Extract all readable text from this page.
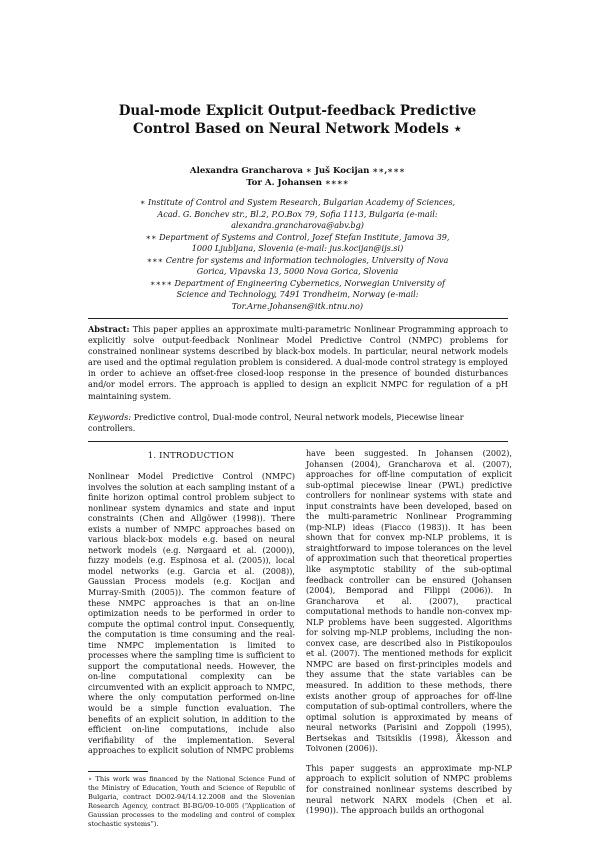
Dual-mode Explicit Output-feedback Predictive Control Based on Neural Network Models ⋆
Alexandra Grancharova ∗ Juš Kocijan ∗∗,∗∗∗
Tor A. Johansen ∗∗∗∗

∗ Institute of Control and System Research, Bulgarian Academy of Sciences, Acad. G. Bonchev str., Bl.2, P.O.Box 79, Sofia 1113, Bulgaria (e-mail: alexandra.grancharova@abv.bg)

∗∗ Department of Systems and Control, Jozef Stefan Institute, Jamova 39, 1000 Ljubljana, Slovenia (e-mail: jus.kocijan@ijs.si)

∗∗∗ Centre for systems and information technologies, University of Nova Gorica, Vipavska 13, 5000 Nova Gorica, Slovenia

∗∗∗∗ Department of Engineering Cybernetics, Norwegian University of Science and Technology, 7491 Trondheim, Norway (e-mail: Tor.Arne.Johansen@itk.ntnu.no)

Abstract: This paper applies an approximate multi-parametric Nonlinear Programming approach to explicitly solve output-feedback Nonlinear Model Predictive Control (NMPC) problems for constrained nonlinear systems described by black-box models. In particular, neural network models are used and the optimal regulation problem is considered. A dual-mode control strategy is employed in order to achieve an offset-free closed-loop response in the presence of bounded disturbances and/or model errors. The approach is applied to design an explicit NMPC for regulation of a pH maintaining system.

Keywords: Predictive control, Dual-mode control, Neural network models, Piecewise linear controllers.

1. INTRODUCTION

Nonlinear Model Predictive Control (NMPC) involves the solution at each sampling instant of a finite horizon optimal control problem subject to nonlinear system dynamics and state and input constraints (Chen and Allgöwer (1998)). There exists a number of NMPC approaches based on various black-box models e.g. based on neural network models (e.g. Nørgaard et al. (2000)), fuzzy models (e.g. Espinosa et al. (2005)), local model networks (e.g. Garcia et al. (2008)), Gaussian Process models (e.g. Kocijan and Murray-Smith (2005)). The common feature of these NMPC approaches is that an on-line optimization needs to be performed in order to compute the optimal control input. Consequently, the computation is time consuming and the real-time NMPC implementation is limited to processes where the sampling time is sufficient to support the computational needs. However, the on-line computational complexity can be circumvented with an explicit approach to NMPC, where the only computation performed on-line would be a simple function evaluation. The benefits of an explicit solution, in addition to the efficient on-line computations, include also verifiability of the implementation. Several approaches to explicit solution of NMPC problems

have been suggested. In Johansen (2002), Johansen (2004), Grancharova et al. (2007), approaches for off-line computation of explicit sub-optimal piecewise linear (PWL) predictive controllers for nonlinear systems with state and input constraints have been developed, based on the multi-parametric Nonlinear Programming (mp-NLP) ideas (Fiacco (1983)). It has been shown that for convex mp-NLP problems, it is straightforward to impose tolerances on the level of approximation such that theoretical properties like asymptotic stability of the sub-optimal feedback controller can be ensured (Johansen (2004), Bemporad and Filippi (2006)). In Grancharova et al. (2007), practical computational methods to handle non-convex mp-NLP problems have been suggested. Algorithms for solving mp-NLP problems, including the non-convex case, are described also in Pistikopoulos et al. (2007). The mentioned methods for explicit NMPC are based on first-principles models and they assume that the state variables can be measured. In addition to these methods, there exists another group of approaches for off-line computation of sub-optimal controllers, where the optimal solution is approximated by means of neural networks (Parisini and Zoppoli (1995), Bertsekas and Tsitsiklis (1998), Åkesson and Toivonen (2006)).

This paper suggests an approximate mp-NLP approach to explicit solution of NMPC problems for constrained nonlinear systems described by neural network NARX models (Chen et al. (1990)). The approach builds an orthogonal

⋆ This work was financed by the National Science Fund of the Ministry of Education, Youth and Science of Republic of Bulgaria, contract DO02-94/14.12.2008 and the Slovenian Research Agency, contract BI-BG/09-10-005 (“Application of Gaussian processes to the modeling and control of complex stochastic systems”).
